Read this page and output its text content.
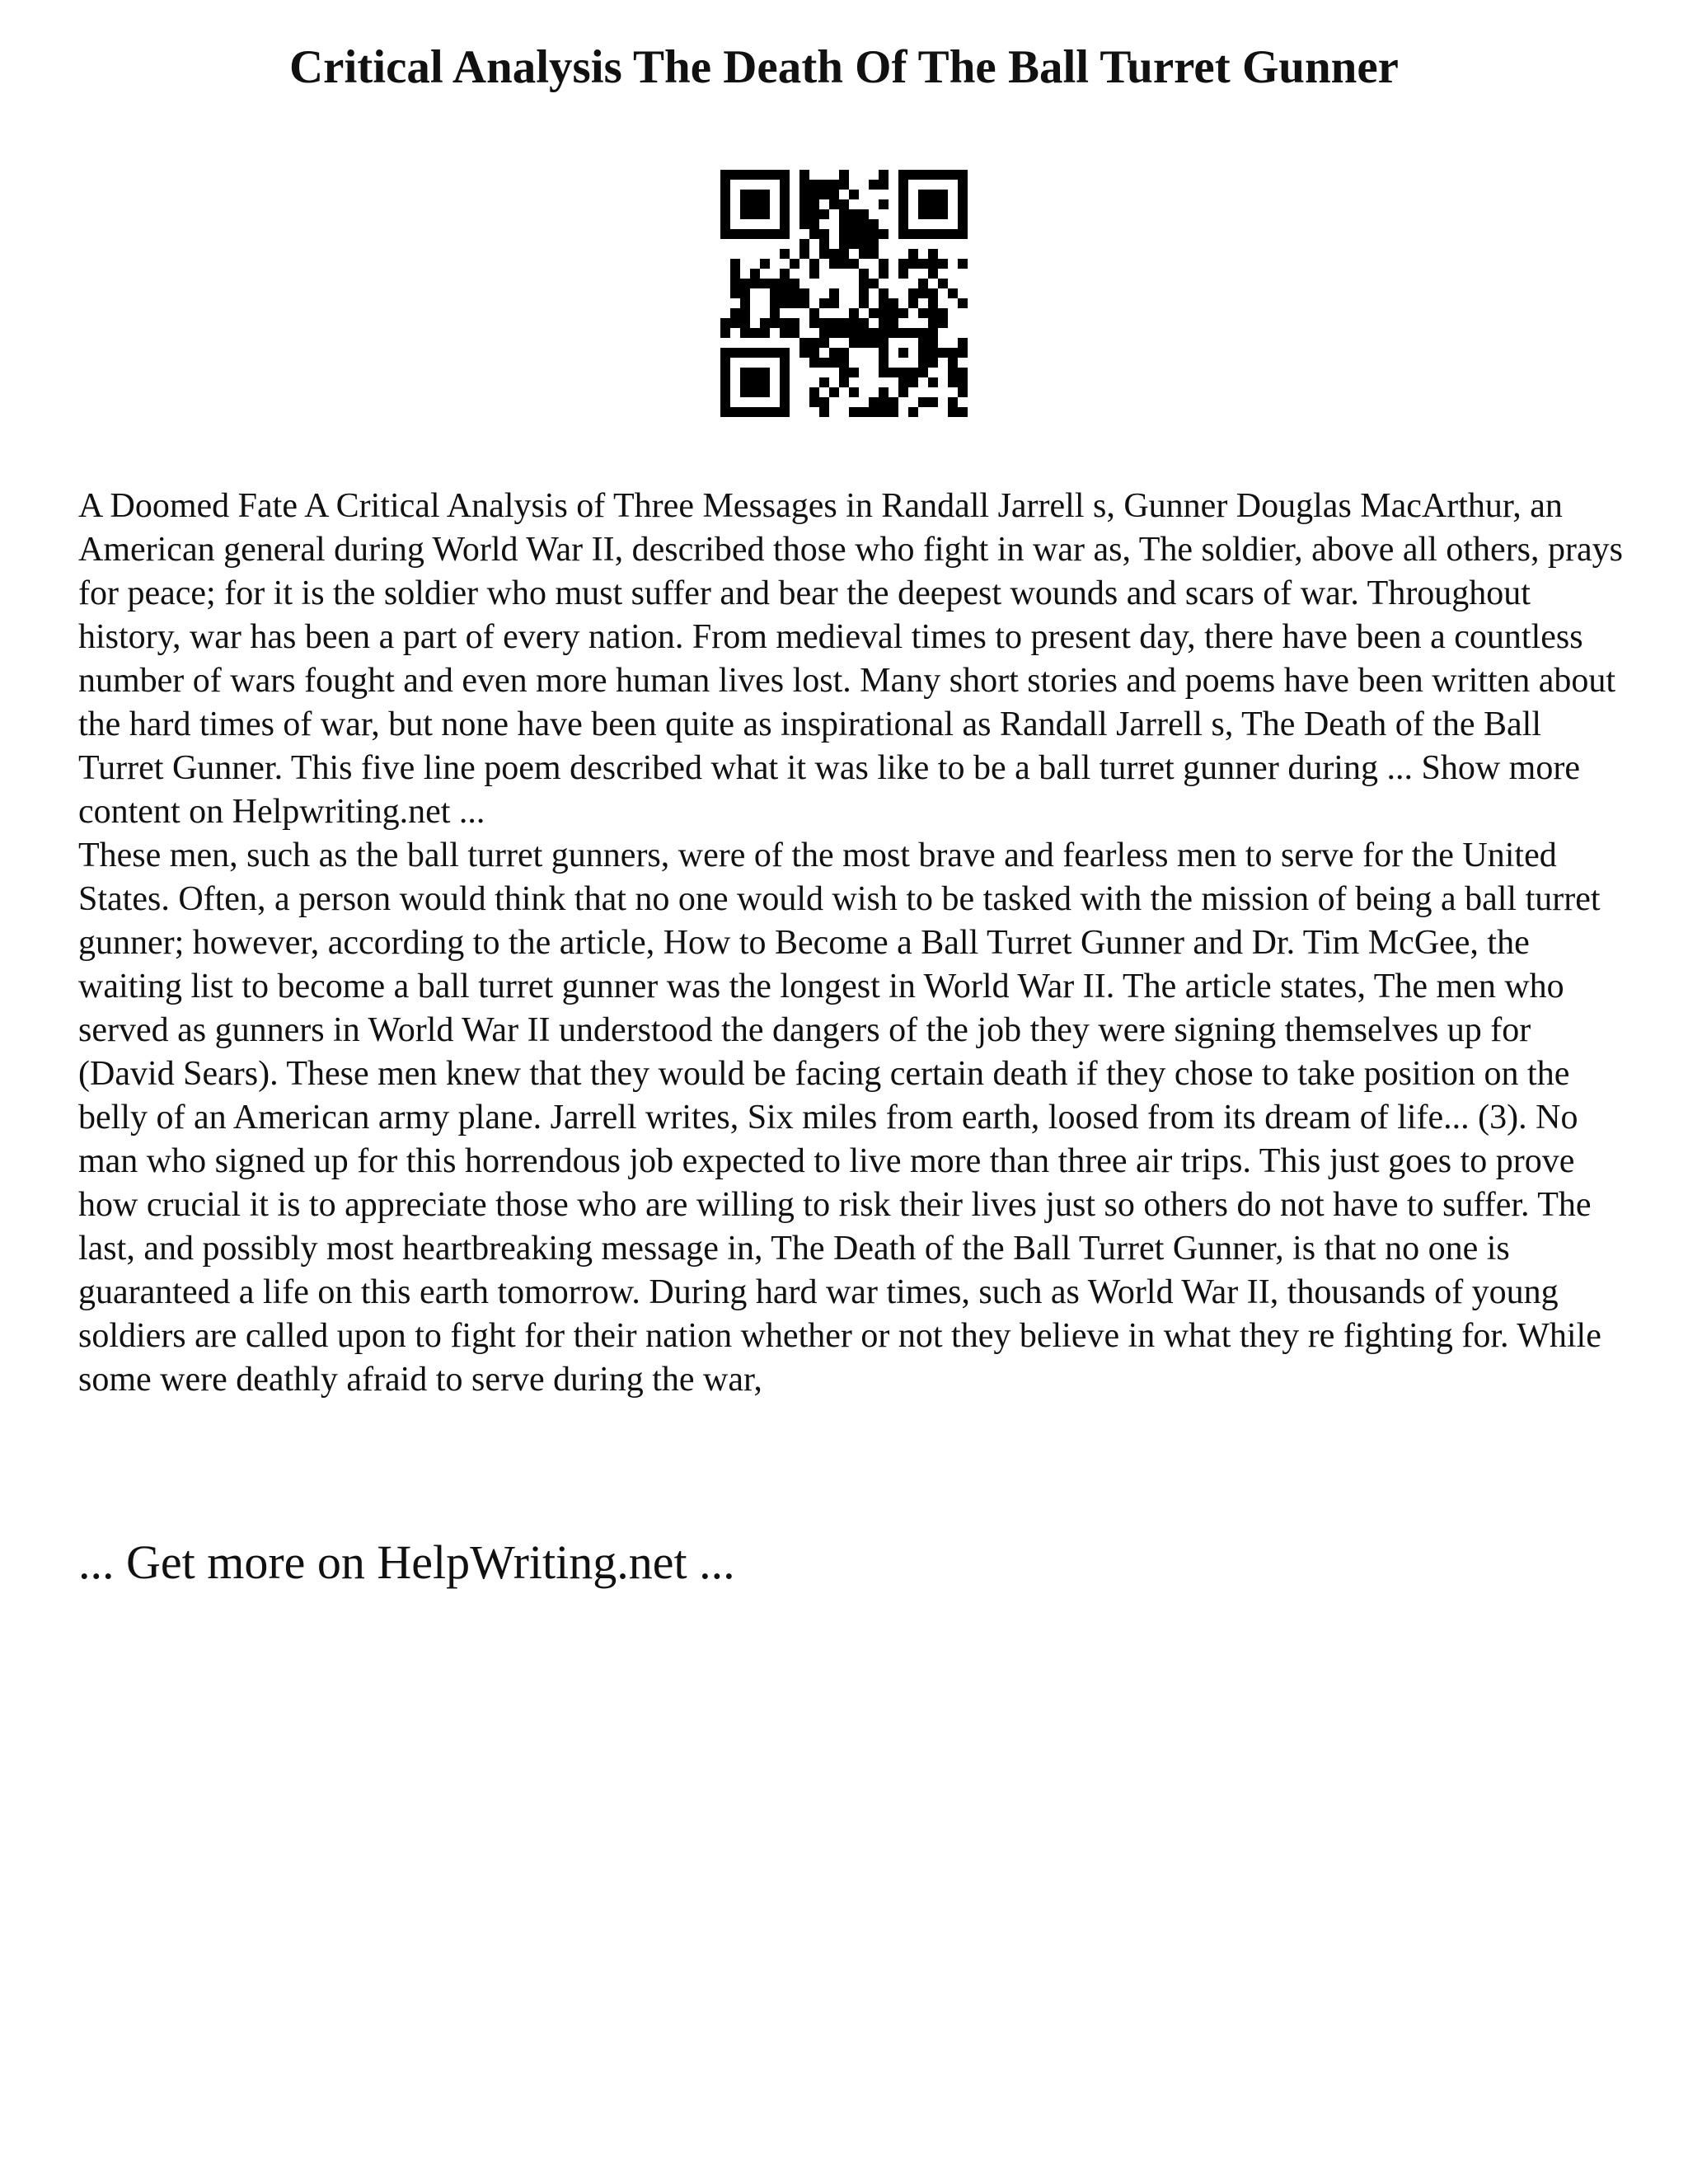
Critical Analysis The Death Of The Ball Turret Gunner

A Doomed Fate A Critical Analysis of Three Messages in Randall Jarrell s, Gunner Douglas MacArthur, an American general during World War II, described those who fight in war as, The soldier, above all others, prays for peace; for it is the soldier who must suffer and bear the deepest wounds and scars of war. Throughout history, war has been a part of every nation. From medieval times to present day, there have been a countless number of wars fought and even more human lives lost. Many short stories and poems have been written about the hard times of war, but none have been quite as inspirational as Randall Jarrell s, The Death of the Ball Turret Gunner. This five line poem described what it was like to be a ball turret gunner during ... Show more content on Helpwriting.net ...

These men, such as the ball turret gunners, were of the most brave and fearless men to serve for the United States. Often, a person would think that no one would wish to be tasked with the mission of being a ball turret gunner; however, according to the article, How to Become a Ball Turret Gunner and Dr. Tim McGee, the waiting list to become a ball turret gunner was the longest in World War II. The article states, The men who served as gunners in World War II understood the dangers of the job they were signing themselves up for (David Sears). These men knew that they would be facing certain death if they chose to take position on the belly of an American army plane. Jarrell writes, Six miles from earth, loosed from its dream of life... (3). No man who signed up for this horrendous job expected to live more than three air trips. This just goes to prove how crucial it is to appreciate those who are willing to risk their lives just so others do not have to suffer. The last, and possibly most heartbreaking message in, The Death of the Ball Turret Gunner, is that no one is guaranteed a life on this earth tomorrow. During hard war times, such as World War II, thousands of young soldiers are called upon to fight for their nation whether or not they believe in what they re fighting for. While some were deathly afraid to serve during the war,

... Get more on HelpWriting.net ...
